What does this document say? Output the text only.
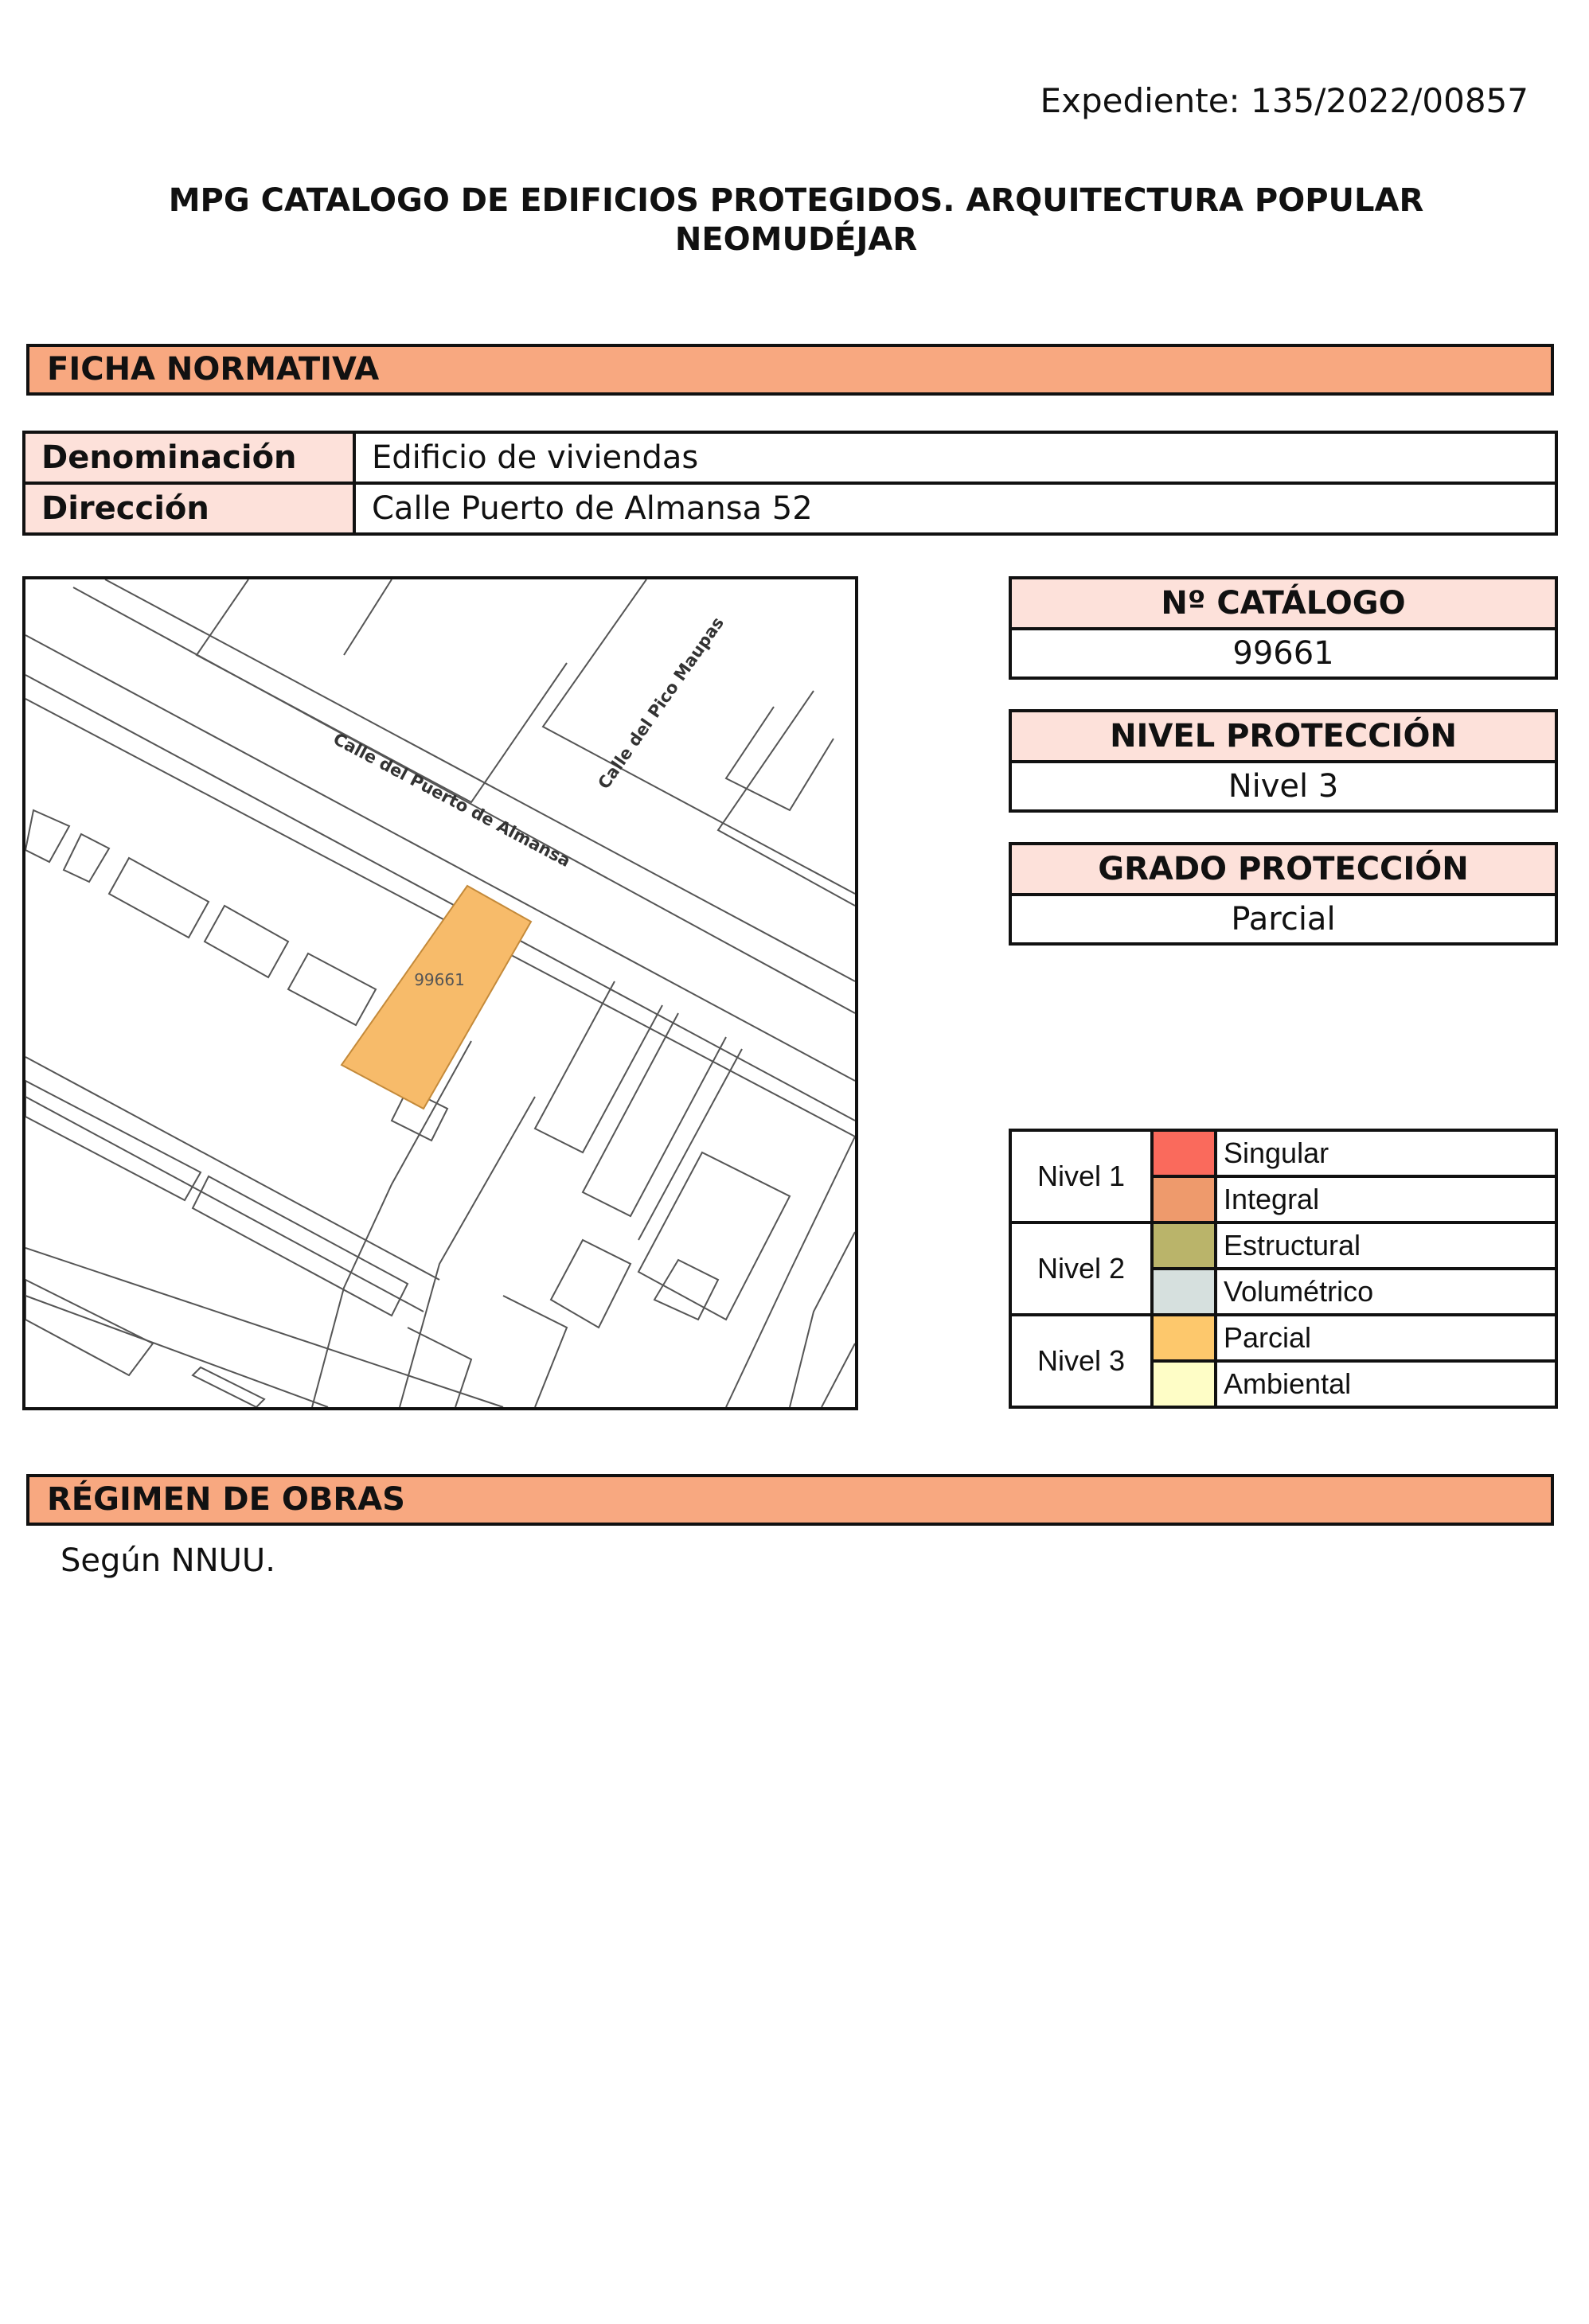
Expediente: 135/2022/00857
MPG CATALOGO DE EDIFICIOS PROTEGIDOS. ARQUITECTURA POPULAR
NEOMUDÉJAR
FICHA NORMATIVA
Denominación	Edificio de viviendas
Dirección	Calle Puerto de Almansa 52
99661
Calle del Puerto de Almansa
Calle del Pico Maupas
Nº CATÁLOGO
99661
NIVEL PROTECCIÓN
Nivel 3
GRADO PROTECCIÓN
Parcial
Nivel 1		Singular
		Integral
Nivel 2		Estructural
		Volumétrico
Nivel 3		Parcial
		Ambiental
RÉGIMEN DE OBRAS
Según NNUU.
